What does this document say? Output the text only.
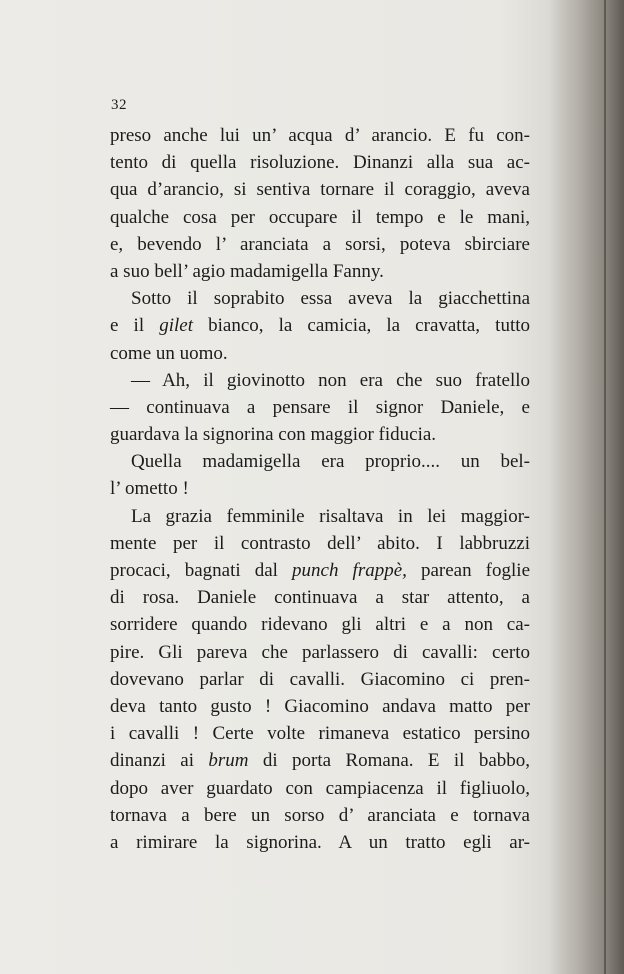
32
preso anche lui un’ acqua d’ arancio. E fu con-
tento di quella risoluzione. Dinanzi alla sua ac-
qua d’arancio, si sentiva tornare il coraggio, aveva
qualche cosa per occupare il tempo e le mani,
e, bevendo l’ aranciata a sorsi, poteva sbirciare
a suo bell’ agio madamigella Fanny.
Sotto il soprabito essa aveva la giacchettina
e il gilet bianco, la camicia, la cravatta, tutto
come un uomo.
— Ah, il giovinotto non era che suo fratello
— continuava a pensare il signor Daniele, e
guardava la signorina con maggior fiducia.
Quella madamigella era proprio.... un bel-
l’ ometto !
La grazia femminile risaltava in lei maggior-
mente per il contrasto dell’ abito. I labbruzzi
procaci, bagnati dal punch frappè, parean foglie
di rosa. Daniele continuava a star attento, a
sorridere quando ridevano gli altri e a non ca-
pire. Gli pareva che parlassero di cavalli: certo
dovevano parlar di cavalli. Giacomino ci pren-
deva tanto gusto ! Giacomino andava matto per
i cavalli ! Certe volte rimaneva estatico persino
dinanzi ai brum di porta Romana. E il babbo,
dopo aver guardato con campiacenza il figliuolo,
tornava a bere un sorso d’ aranciata e tornava
a rimirare la signorina. A un tratto egli ar-
